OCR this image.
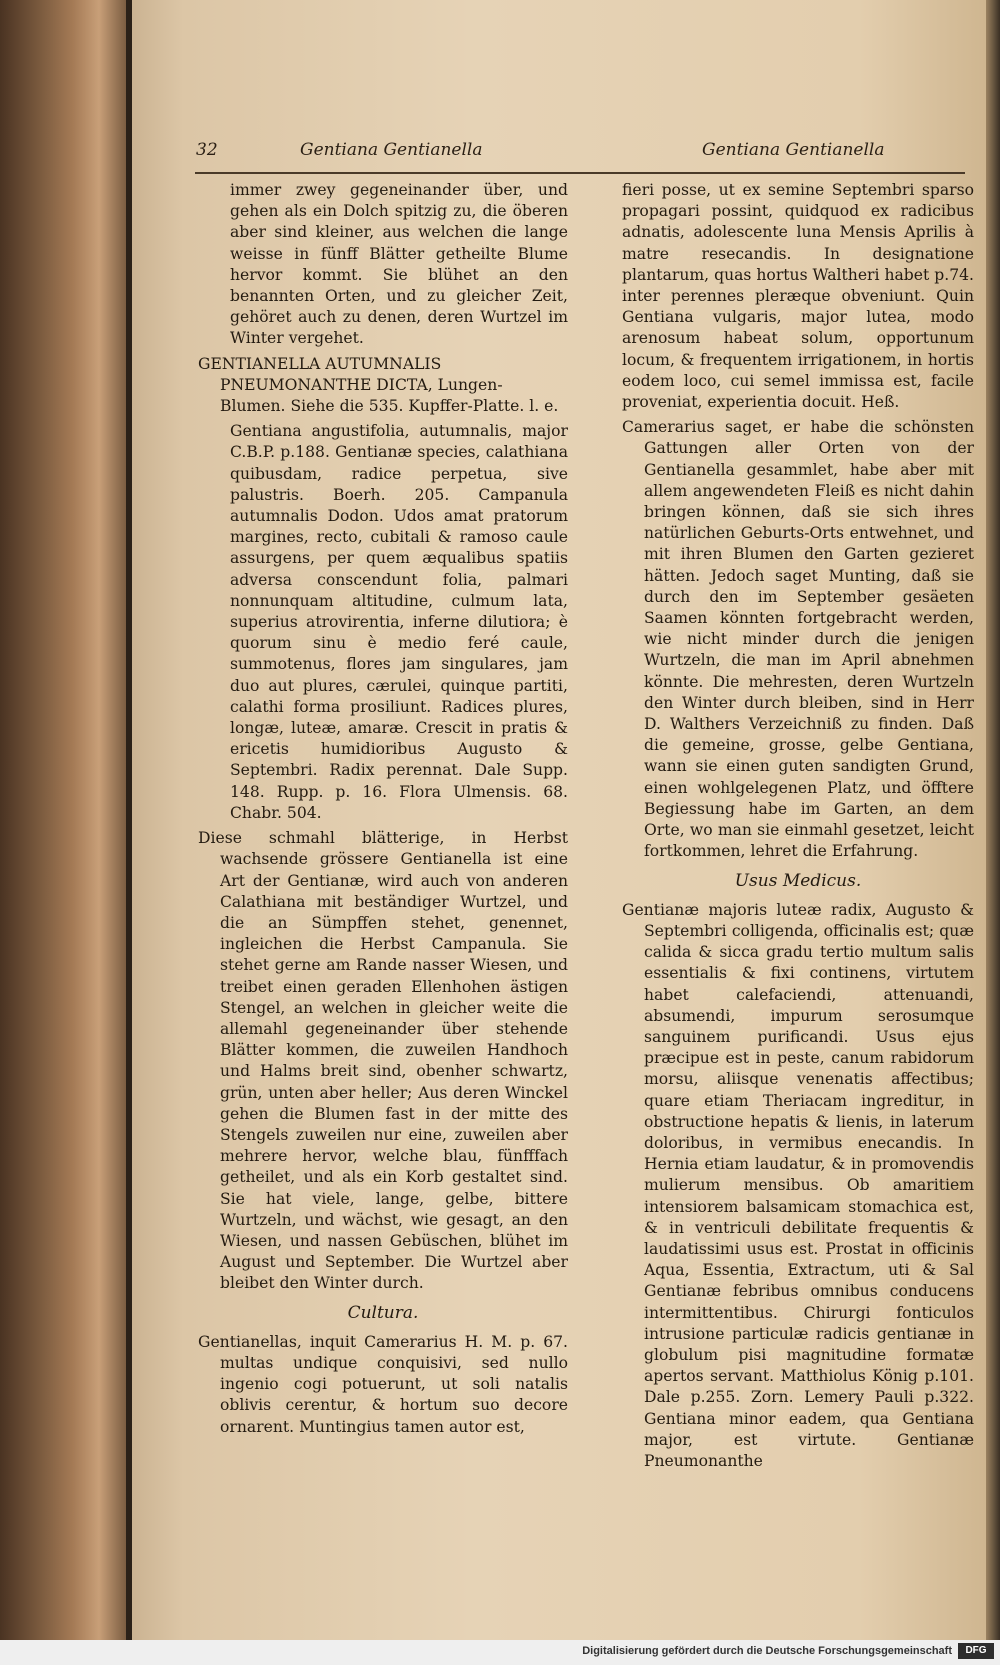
32	Gentiana Gentianella	Gentiana Gentianella

immer zwey gegeneinander über, und gehen als ein Dolch spitzig zu, die öberen aber sind kleiner, aus welchen die lange weisse in fünff Blätter getheilte Blume hervor kommt. Sie blühet an den benannten Orten, und zu gleicher Zeit, gehöret auch zu denen, deren Wurtzel im Winter vergehet.

GENTIANELLA AUTUMNALIS PNEUMONANTHE DICTA, Lungen-Blumen. Siehe die 535. Kupffer-Platte. l. e.

Gentiana angustifolia, autumnalis, major C.B.P. p.188. Gentianæ species, calathiana quibusdam, radice perpetua, sive palustris. Boerh. 205. Campanula autumnalis Dodon. Udos amat pratorum margines, recto, cubitali & ramoso caule assurgens, per quem æqualibus spatiis adversa conscendunt folia, palmari nonnunquam altitudine, culmum lata, superius atrovirentia, inferne dilutiora; è quorum sinu è medio feré caule, summotenus, flores jam singulares, jam duo aut plures, cærulei, quinque partiti, calathi forma prosiliunt. Radices plures, longæ, luteæ, amaræ. Crescit in pratis & ericetis humidioribus Augusto & Septembri. Radix perennat. Dale Supp. 148. Rupp. p. 16. Flora Ulmensis. 68. Chabr. 504.

Diese schmahl blätterige, in Herbst wachsende grössere Gentianella ist eine Art der Gentianæ, wird auch von anderen Calathiana mit beständiger Wurtzel, und die an Sümpffen stehet, genennet, ingleichen die Herbst Campanula. Sie stehet gerne am Rande nasser Wiesen, und treibet einen geraden Ellenhohen ästigen Stengel, an welchen in gleicher weite die allemahl gegeneinander über stehende Blätter kommen, die zuweilen Handhoch und Halms breit sind, obenher schwartz, grün, unten aber heller; Aus deren Winckel gehen die Blumen fast in der mitte des Stengels zuweilen nur eine, zuweilen aber mehrere hervor, welche blau, fünfffach getheilet, und als ein Korb gestaltet sind. Sie hat viele, lange, gelbe, bittere Wurtzeln, und wächst, wie gesagt, an den Wiesen, und nassen Gebüschen, blühet im August und September. Die Wurtzel aber bleibet den Winter durch.

Cultura.

Gentianellas, inquit Camerarius H. M. p. 67. multas undique conquisivi, sed nullo ingenio cogi potuerunt, ut soli natalis oblivis cerentur, & hortum suo decore ornarent. Muntingius tamen autor est,

fieri posse, ut ex semine Septembri sparso propagari possint, quidquod ex radicibus adnatis, adolescente luna Mensis Aprilis à matre resecandis. In designatione plantarum, quas hortus Waltheri habet p.74. inter perennes pleræque obveniunt. Quin Gentiana vulgaris, major lutea, modo arenosum habeat solum, opportunum locum, & frequentem irrigationem, in hortis eodem loco, cui semel immissa est, facile proveniat, experientia docuit. Heß.

Camerarius saget, er habe die schönsten Gattungen aller Orten von der Gentianella gesammlet, habe aber mit allem angewendeten Fleiß es nicht dahin bringen können, daß sie sich ihres natürlichen Geburts-Orts entwehnet, und mit ihren Blumen den Garten gezieret hätten. Jedoch saget Munting, daß sie durch den im September gesäeten Saamen könnten fortgebracht werden, wie nicht minder durch die jenigen Wurtzeln, die man im April abnehmen könnte. Die mehresten, deren Wurtzeln den Winter durch bleiben, sind in Herr D. Walthers Verzeichniß zu finden. Daß die gemeine, grosse, gelbe Gentiana, wann sie einen guten sandigten Grund, einen wohlgelegenen Platz, und öfftere Begiessung habe im Garten, an dem Orte, wo man sie einmahl gesetzet, leicht fortkommen, lehret die Erfahrung.

Usus Medicus.

Gentianæ majoris luteæ radix, Augusto & Septembri colligenda, officinalis est; quæ calida & sicca gradu tertio multum salis essentialis & fixi continens, virtutem habet calefaciendi, attenuandi, absumendi, impurum serosumque sanguinem purificandi. Usus ejus præcipue est in peste, canum rabidorum morsu, aliisque venenatis affectibus; quare etiam Theriacam ingreditur, in obstructione hepatis & lienis, in laterum doloribus, in vermibus enecandis. In Hernia etiam laudatur, & in promovendis mulierum mensibus. Ob amaritiem intensiorem balsamicam stomachica est, & in ventriculi debilitate frequentis & laudatissimi usus est. Prostat in officinis Aqua, Essentia, Extractum, uti & Sal Gentianæ febribus omnibus conducens intermittentibus. Chirurgi fonticulos intrusione particulæ radicis gentianæ in globulum pisi magnitudine formatæ apertos servant. Matthiolus König p.101. Dale p.255. Zorn. Lemery Pauli p.322. Gentiana minor eadem, qua Gentiana major, est virtute. Gentianæ Pneumonanthe

Digitalisierung gefördert durch die Deutsche Forschungsgemeinschaft	DFG
